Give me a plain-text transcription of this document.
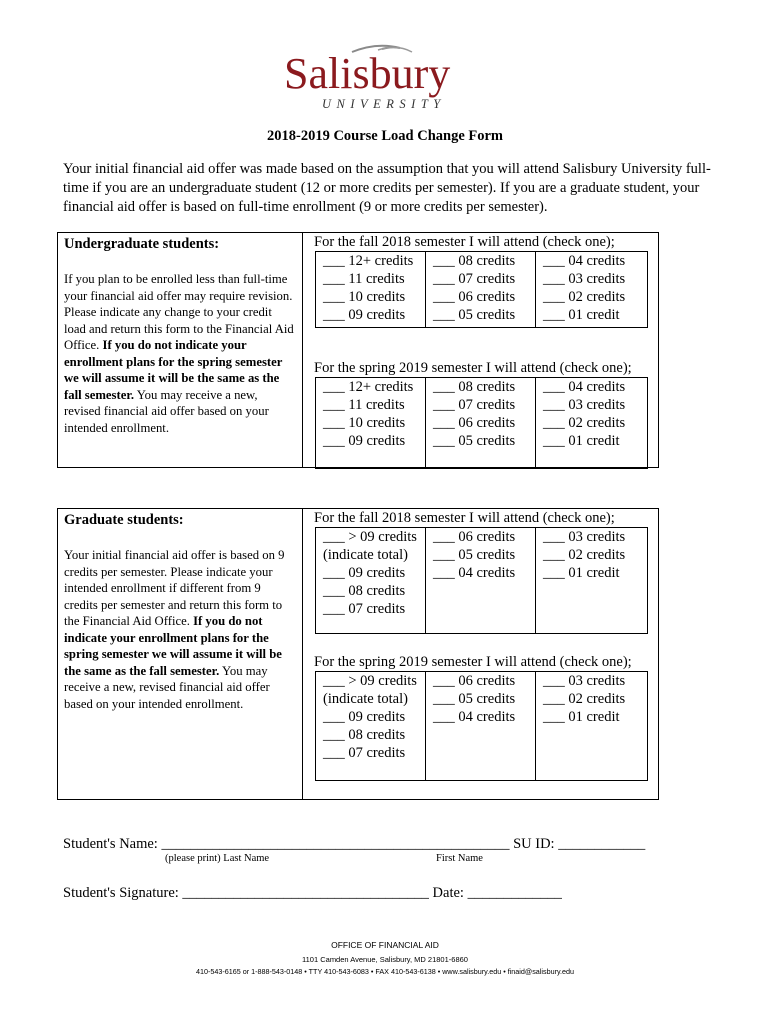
Salisbury
UNIVERSITY
2018-2019 Course Load Change Form
Your initial financial aid offer was made based on the assumption that you will attend Salisbury University full-time if you are an undergraduate student (12 or more credits per semester). If you are a graduate student, your financial aid offer is based on full-time enrollment (9 or more credits per semester).
Undergraduate students:
If you plan to be enrolled less than full-time your financial aid offer may require revision. Please indicate any change to your credit load and return this form to the Financial Aid Office. If you do not indicate your enrollment plans for the spring semester we will assume it will be the same as the fall semester. You may receive a new, revised financial aid offer based on your intended enrollment.
For the fall 2018 semester I will attend (check one);
___ 12+ credits
___ 11 credits
___ 10 credits
___ 09 credits
___ 08 credits
___ 07 credits
___ 06 credits
___ 05 credits
___ 04 credits
___ 03 credits
___ 02 credits
___ 01 credit
For the spring 2019 semester I will attend (check one);
___ 12+ credits
___ 11 credits
___ 10 credits
___ 09 credits
___ 08 credits
___ 07 credits
___ 06 credits
___ 05 credits
___ 04 credits
___ 03 credits
___ 02 credits
___ 01 credit
Graduate students:
Your initial financial aid offer is based on 9 credits per semester. Please indicate your intended enrollment if different from 9 credits per semester and return this form to the Financial Aid Office. If you do not indicate your enrollment plans for the spring semester we will assume it will be the same as the fall semester. You may receive a new, revised financial aid offer based on your intended enrollment.
For the fall 2018 semester I will attend (check one);
___ > 09 credits
(indicate total)
___ 09 credits
___ 08 credits
___ 07 credits
___ 06 credits
___ 05 credits
___ 04 credits
___ 03 credits
___ 02 credits
___ 01 credit
For the spring 2019 semester I will attend (check one);
___ > 09 credits
(indicate total)
___ 09 credits
___ 08 credits
___ 07 credits
___ 06 credits
___ 05 credits
___ 04 credits
___ 03 credits
___ 02 credits
___ 01 credit
Student's Name: ________________________________________________ SU ID: ____________
(please print) Last Name	First Name
Student's Signature: __________________________________ Date: _____________
OFFICE OF FINANCIAL AID
1101 Camden Avenue, Salisbury, MD 21801-6860
410-543-6165 or 1-888-543-0148 • TTY 410-543-6083 • FAX 410-543-6138 • www.salisbury.edu • finaid@salisbury.edu
